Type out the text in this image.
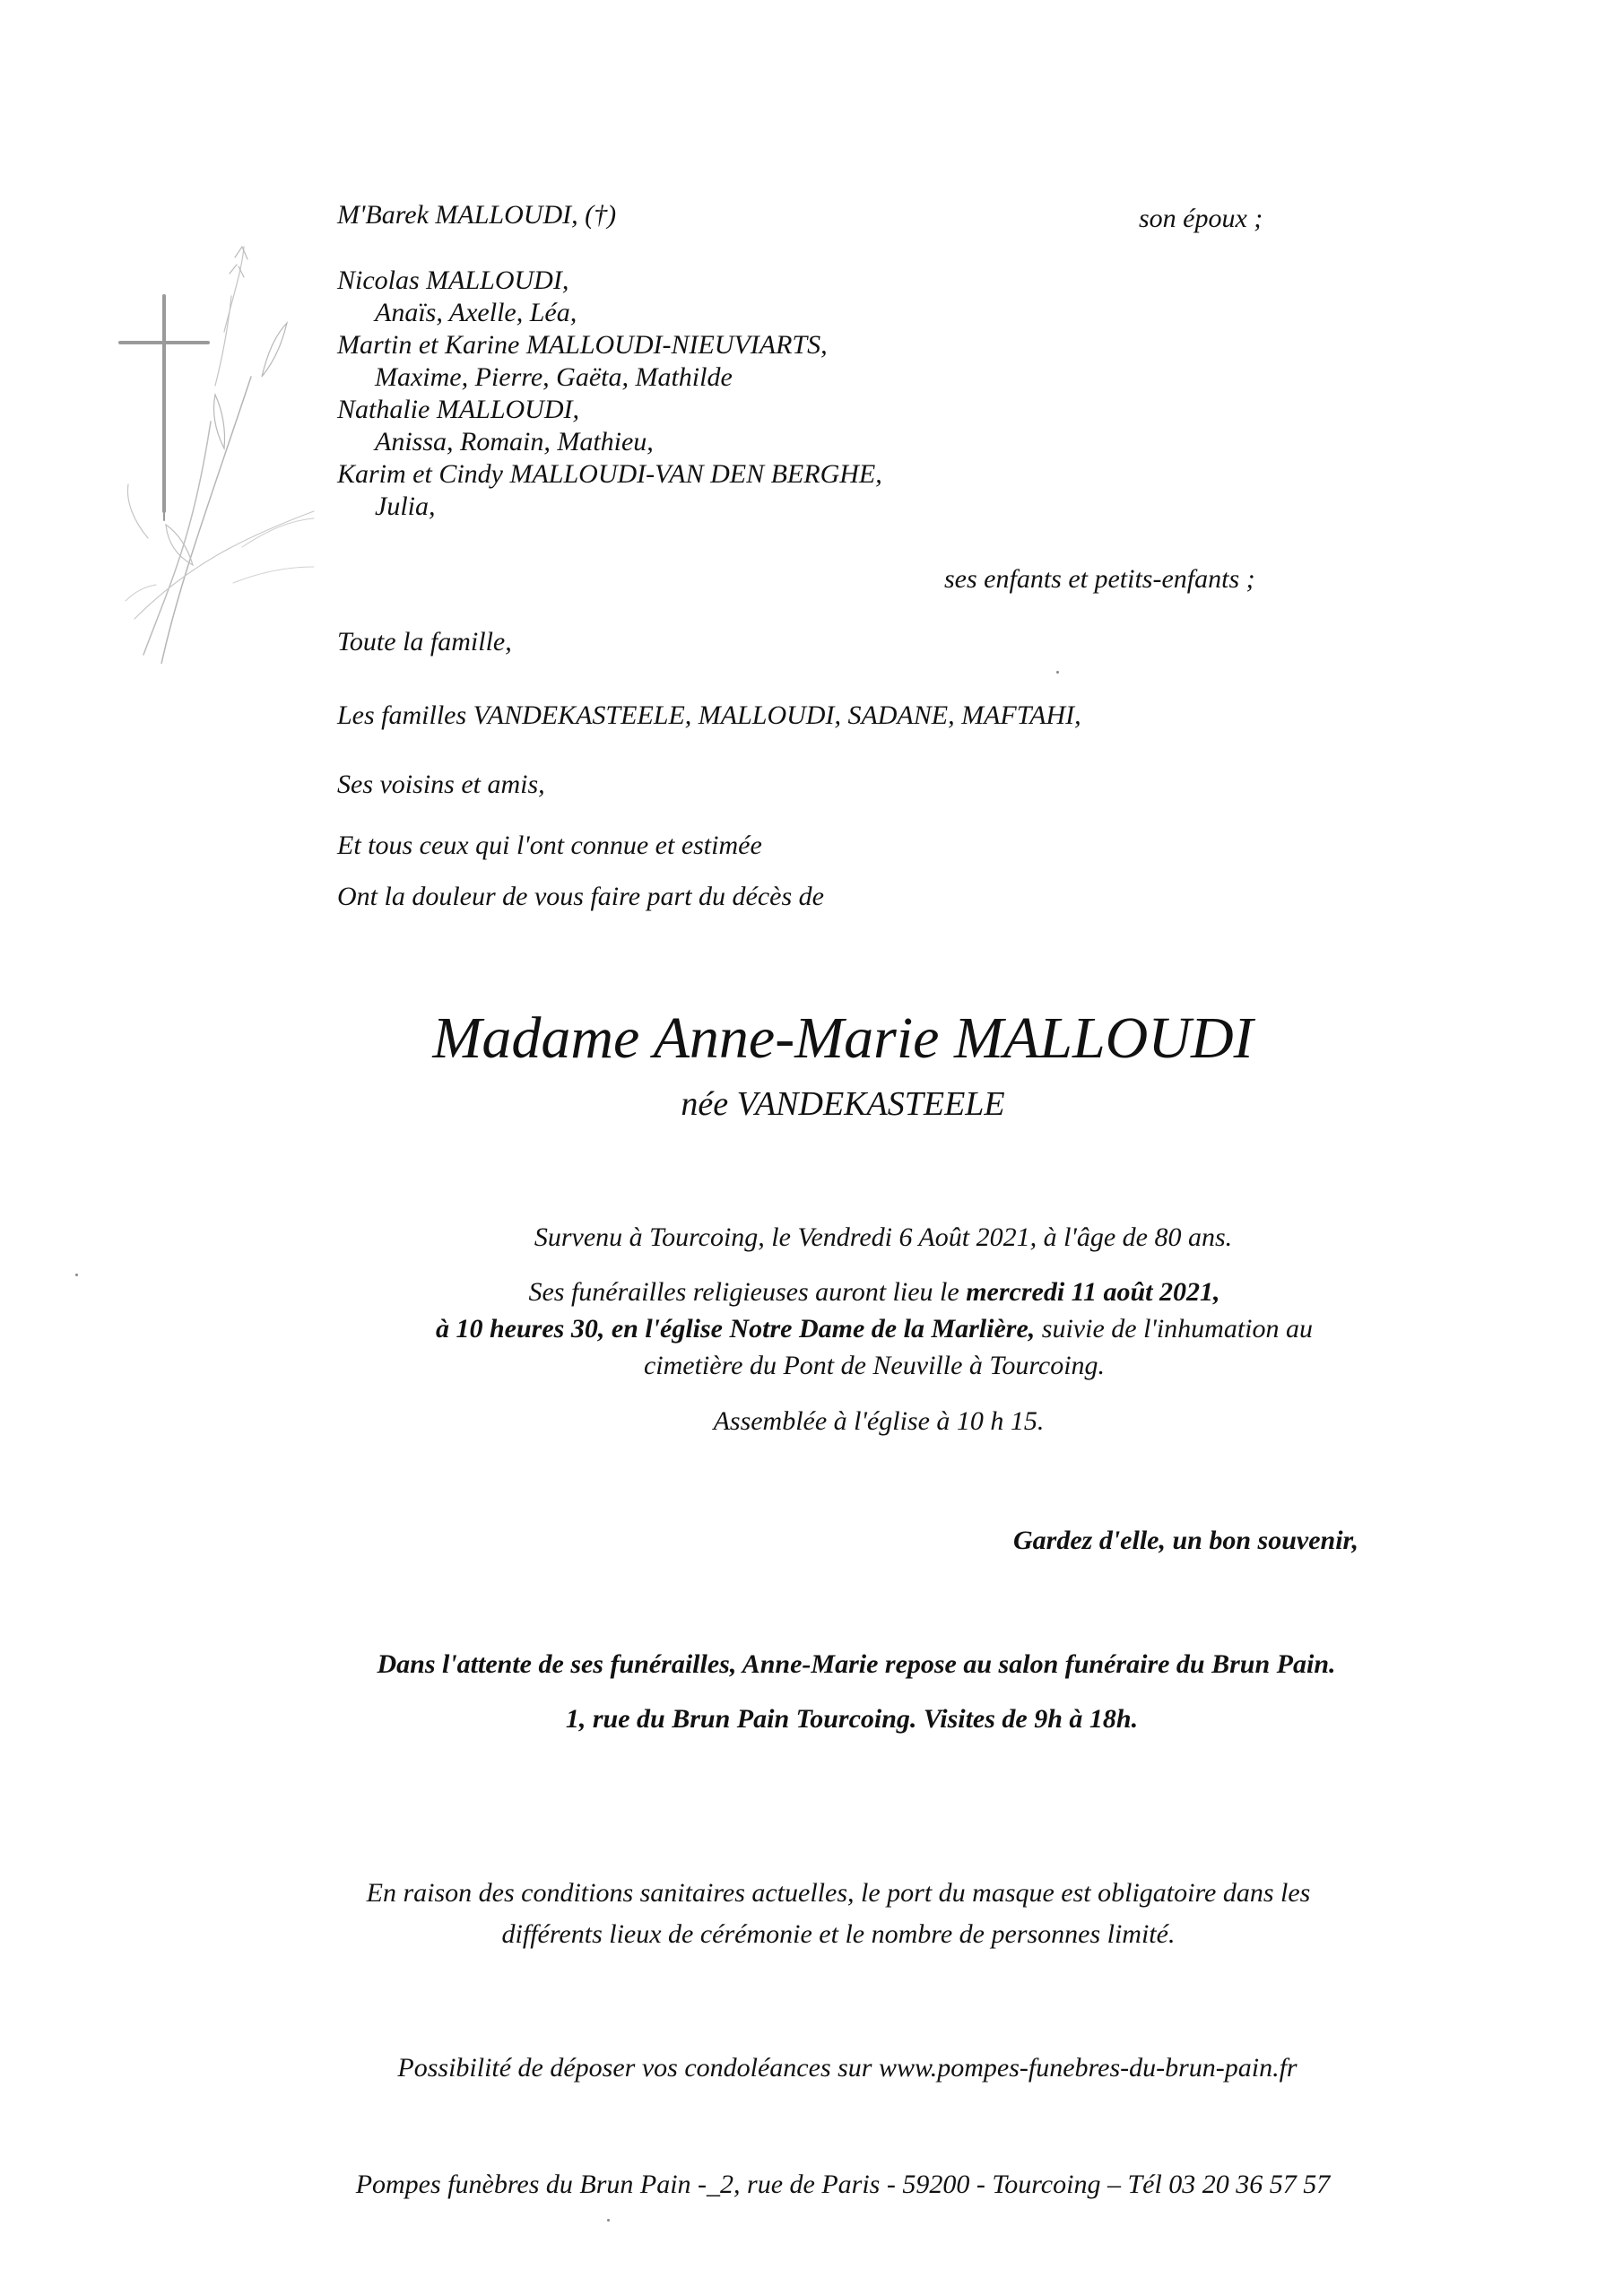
M'Barek MALLOUDI, (†)	son époux ;
Nicolas MALLOUDI,
Anaïs, Axelle, Léa,
Martin et Karine MALLOUDI-NIEUVIARTS,
Maxime, Pierre, Gaëta, Mathilde
Nathalie MALLOUDI,
Anissa, Romain, Mathieu,
Karim et Cindy MALLOUDI-VAN DEN BERGHE,
Julia,
ses enfants et petits-enfants ;
Toute la famille,
Les familles VANDEKASTEELE, MALLOUDI, SADANE, MAFTAHI,
Ses voisins et amis,
Et tous ceux qui l'ont connue et estimée
Ont la douleur de vous faire part du décès de
Madame Anne-Marie MALLOUDI
née VANDEKASTEELE
Survenu à Tourcoing, le Vendredi 6 Août 2021, à l'âge de 80 ans.
Ses funérailles religieuses auront lieu le mercredi 11 août 2021,
à 10 heures 30, en l'église Notre Dame de la Marlière, suivie de l'inhumation au
cimetière du Pont de Neuville à Tourcoing.
Assemblée à l'église à 10 h 15.
Gardez d'elle, un bon souvenir,
Dans l'attente de ses funérailles, Anne-Marie repose au salon funéraire du Brun Pain.
1, rue du Brun Pain Tourcoing. Visites de 9h à 18h.
En raison des conditions sanitaires actuelles, le port du masque est obligatoire dans les
différents lieux de cérémonie et le nombre de personnes limité.
Possibilité de déposer vos condoléances sur www.pompes-funebres-du-brun-pain.fr
Pompes funèbres du Brun Pain -_2, rue de Paris - 59200 - Tourcoing – Tél 03 20 36 57 57
